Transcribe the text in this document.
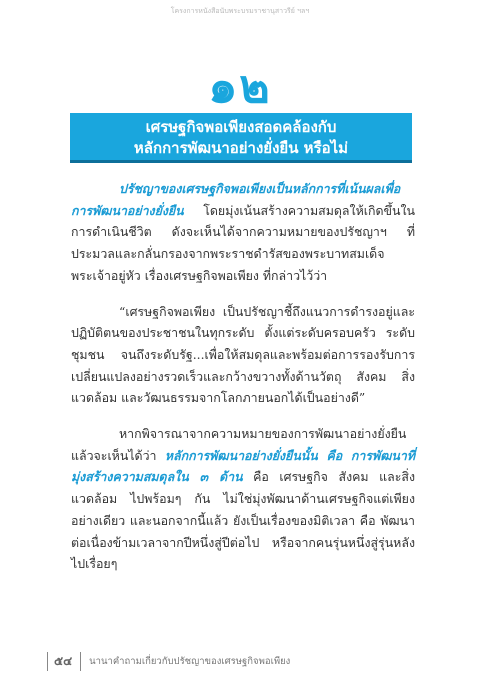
โครงการหนังสือนับพระบรมราชานุสาวรีย์ ฯลฯ
๑๒
เศรษฐกิจพอเพียงสอดคล้องกับ
หลักการพัฒนาอย่างยั่งยืน หรือไม่

ปรัชญาของเศรษฐกิจพอเพียงเป็นหลักการที่เน้นผลเพื่อการพัฒนาอย่างยั่งยืน โดยมุ่งเน้นสร้างความสมดุลให้เกิดขึ้นในการดำเนินชีวิต ดังจะเห็นได้จากความหมายของปรัชญาฯ ที่ประมวลและกลั่นกรองจากพระราชดำรัสของพระบาทสมเด็จพระเจ้าอยู่หัว เรื่องเศรษฐกิจพอเพียง ที่กล่าวไว้ว่า

“เศรษฐกิจพอเพียง เป็นปรัชญาชี้ถึงแนวการดำรงอยู่และปฏิบัติตนของประชาชนในทุกระดับ ตั้งแต่ระดับครอบครัว ระดับชุมชน จนถึงระดับรัฐ...เพื่อให้สมดุลและพร้อมต่อการรองรับการเปลี่ยนแปลงอย่างรวดเร็วและกว้างขวางทั้งด้านวัตถุ สังคม สิ่งแวดล้อม และวัฒนธรรมจากโลกภายนอกได้เป็นอย่างดี”

หากพิจารณาจากความหมายของการพัฒนาอย่างยั่งยืนแล้วจะเห็นได้ว่า หลักการพัฒนาอย่างยั่งยืนนั้น คือ การพัฒนาที่มุ่งสร้างความสมดุลใน ๓ ด้าน คือ เศรษฐกิจ สังคม และสิ่งแวดล้อม ไปพร้อมๆ กัน ไม่ใช่มุ่งพัฒนาด้านเศรษฐกิจแต่เพียงอย่างเดียว และนอกจากนี้แล้ว ยังเป็นเรื่องของมิติเวลา คือ พัฒนาต่อเนื่องข้ามเวลาจากปีหนึ่งสู่ปีต่อไป หรือจากคนรุ่นหนึ่งสู่รุ่นหลังไปเรื่อยๆ

๕๔	นานาคำถามเกี่ยวกับปรัชญาของเศรษฐกิจพอเพียง
